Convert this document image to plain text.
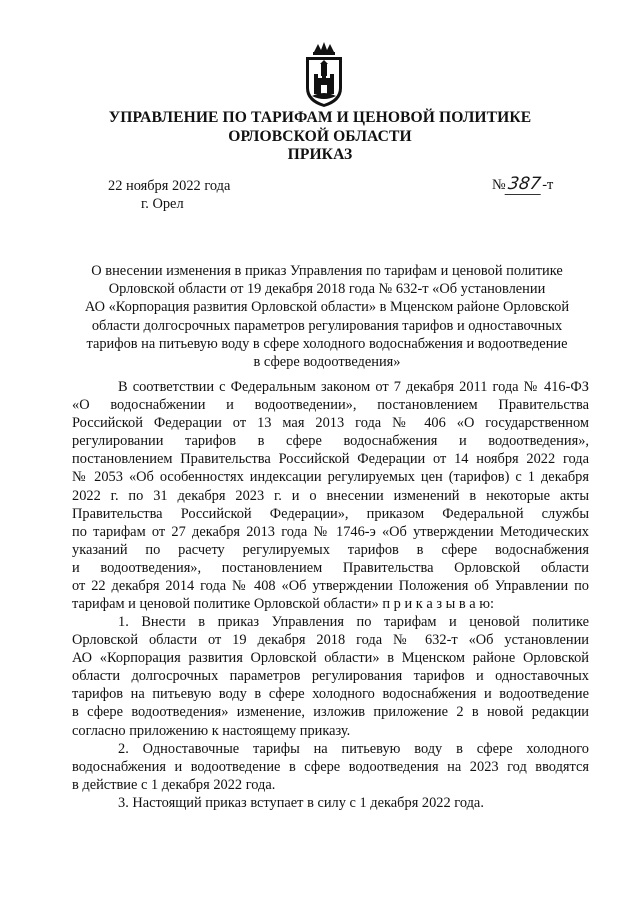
УПРАВЛЕНИЕ ПО ТАРИФАМ И ЦЕНОВОЙ ПОЛИТИКЕ

ОРЛОВСКОЙ ОБЛАСТИ

ПРИКАЗ

22 ноября 2022 года
г. Орел
№387-т
О внесении изменения в приказ Управления по тарифам и ценовой политике
Орловской области от 19 декабря 2018 года № 632-т «Об установлении
АО «Корпорация развития Орловской области» в Мценском районе Орловской
области долгосрочных параметров регулирования тарифов и одноставочных
тарифов на питьевую воду в сфере холодного водоснабжения и водоотведение
в сфере водоотведения»
В соответствии с Федеральным законом от 7 декабря 2011 года № 416-ФЗ
«О водоснабжении и водоотведении», постановлением Правительства
Российской Федерации от 13 мая 2013 года № 406 «О государственном
регулировании тарифов в сфере водоснабжения и водоотведения»,
постановлением Правительства Российской Федерации от 14 ноября 2022 года
№ 2053 «Об особенностях индексации регулируемых цен (тарифов) с 1 декабря
2022 г. по 31 декабря 2023 г. и о внесении изменений в некоторые акты
Правительства Российской Федерации», приказом Федеральной службы
по тарифам от 27 декабря 2013 года № 1746-э «Об утверждении Методических
указаний по расчету регулируемых тарифов в сфере водоснабжения
и водоотведения», постановлением Правительства Орловской области
от 22 декабря 2014 года № 408 «Об утверждении Положения об Управлении по
тарифам и ценовой политике Орловской области» п р и к а з ы в а ю:
1. Внести в приказ Управления по тарифам и ценовой политике
Орловской области от 19 декабря 2018 года № 632-т «Об установлении
АО «Корпорация развития Орловской области» в Мценском районе Орловской
области долгосрочных параметров регулирования тарифов и одноставочных
тарифов на питьевую воду в сфере холодного водоснабжения и водоотведение
в сфере водоотведения» изменение, изложив приложение 2 в новой редакции
согласно приложению к настоящему приказу.
2. Одноставочные тарифы на питьевую воду в сфере холодного
водоснабжения и водоотведение в сфере водоотведения на 2023 год вводятся
в действие с 1 декабря 2022 года.
3. Настоящий приказ вступает в силу с 1 декабря 2022 года.
